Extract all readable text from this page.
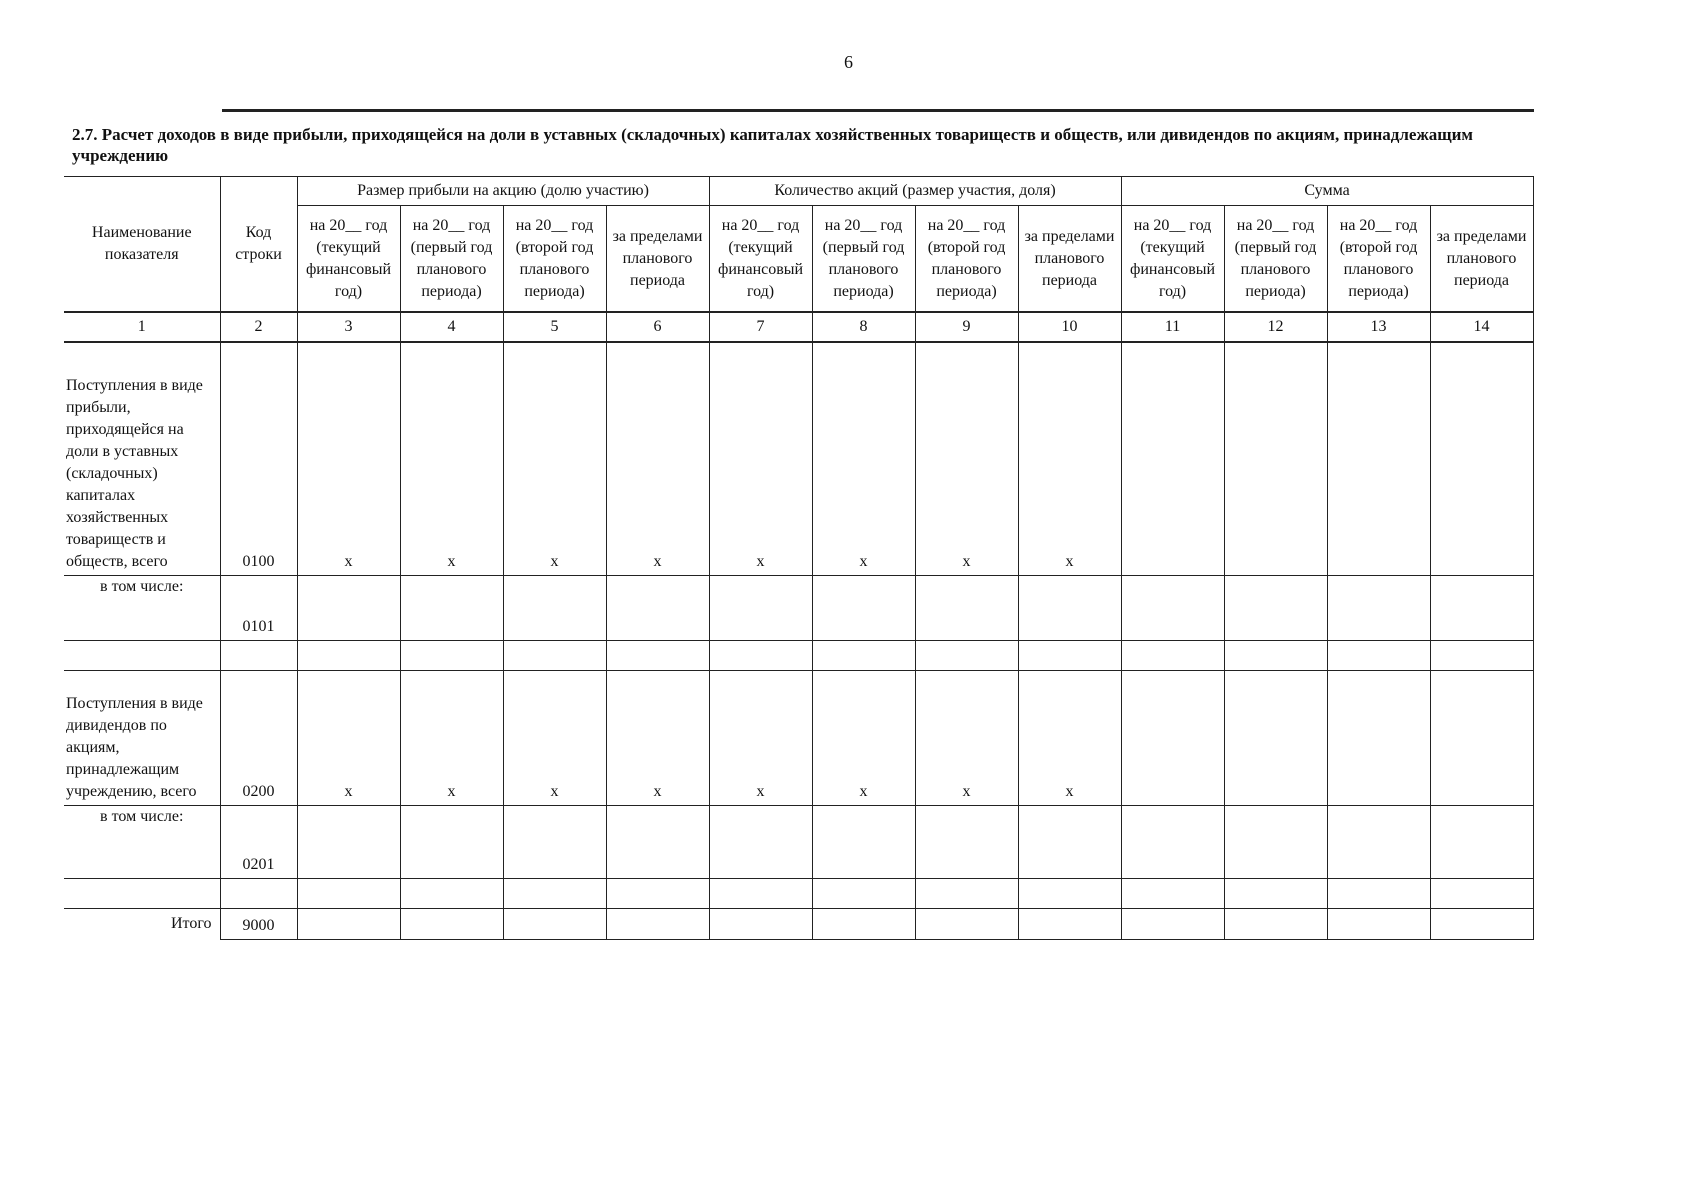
6
2.7. Расчет доходов в виде прибыли, приходящейся на доли в уставных (складочных) капиталах хозяйственных товариществ и обществ, или дивидендов по акциям, принадлежащим учреждению
Наименование показателя	Код строки	Размер прибыли на акцию (долю участию)				Количество акций (размер участия, доля)				Сумма			
		на 20__ год (текущий финансовый год)	на 20__ год (первый год планового периода)	на 20__ год (второй год планового периода)	за пределами планового периода	на 20__ год (текущий финансовый год)	на 20__ год (первый год планового периода)	на 20__ год (второй год планового периода)	за пределами планового периода	на 20__ год (текущий финансовый год)	на 20__ год (первый год планового периода)	на 20__ год (второй год планового периода)	за пределами планового периода
1	2	3	4	5	6	7	8	9	10	11	12	13	14
Поступления в виде прибыли, приходящейся на доли в уставных (складочных) капиталах хозяйственных товариществ и обществ, всего	0100	x	x	x	x	x	x	x	x				
в том числе:	0101												

Поступления в виде дивидендов по акциям, принадлежащим учреждению, всего	0200	x	x	x	x	x	x	x	x				
в том числе:	0201												

Итого	9000												
